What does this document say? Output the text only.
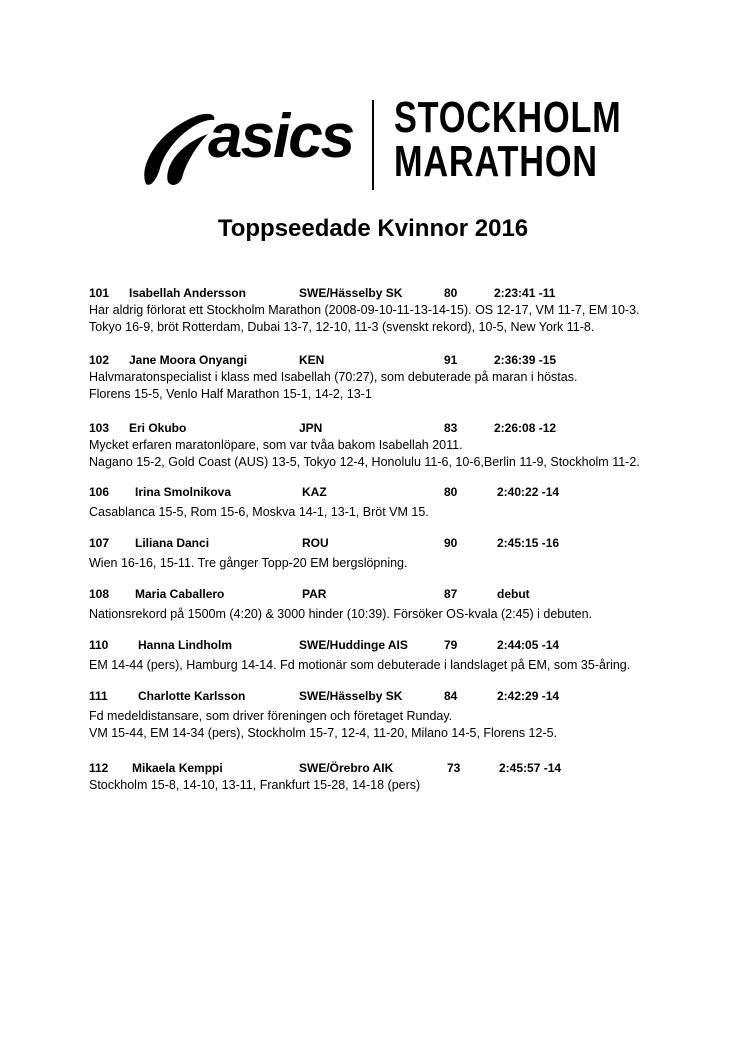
asics STOCKHOLM
MARATHON
Toppseedade Kvinnor 2016
101 Isabellah Andersson	SWE/Hässelby SK	80	2:23:41 -11
Har aldrig förlorat ett Stockholm Marathon (2008-09-10-11-13-14-15). OS 12-17, VM 11-7, EM 10-3.
Tokyo 16-9, bröt Rotterdam, Dubai 13-7, 12-10, 11-3 (svenskt rekord), 10-5, New York 11-8.
102 Jane Moora Onyangi	KEN	91	2:36:39 -15
Halvmaratonspecialist i klass med Isabellah (70:27), som debuterade på maran i höstas.
Florens 15-5, Venlo Half Marathon 15-1, 14-2, 13-1
103 Eri Okubo	JPN	83	2:26:08 -12
Mycket erfaren maratonlöpare, som var tvåa bakom Isabellah 2011.
Nagano 15-2, Gold Coast (AUS) 13-5, Tokyo 12-4, Honolulu 11-6, 10-6,Berlin 11-9, Stockholm 11-2.
106 Irina Smolnikova	KAZ	80	2:40:22 -14
Casablanca 15-5, Rom 15-6, Moskva 14-1, 13-1, Bröt VM 15.
107 Liliana Danci	ROU	90	2:45:15 -16
Wien 16-16, 15-11. Tre gånger Topp-20 EM bergslöpning.
108 Maria Caballero	PAR	87	debut
Nationsrekord på 1500m (4:20) & 3000 hinder (10:39). Försöker OS-kvala (2:45) i debuten.
110 Hanna Lindholm	SWE/Huddinge AIS	79	2:44:05 -14
EM 14-44 (pers), Hamburg 14-14. Fd motionär som debuterade i landslaget på EM, som 35-åring.
111	Charlotte Karlsson	SWE/Hässelby SK	84	2:42:29 -14
Fd medeldistansare, som driver föreningen och företaget Runday.
VM 15-44, EM 14-34 (pers), Stockholm 15-7, 12-4, 11-20, Milano 14-5, Florens 12-5.
112 Mikaela Kemppi	SWE/Örebro AIK	73	2:45:57 -14
Stockholm 15-8, 14-10, 13-11, Frankfurt 15-28, 14-18 (pers)
